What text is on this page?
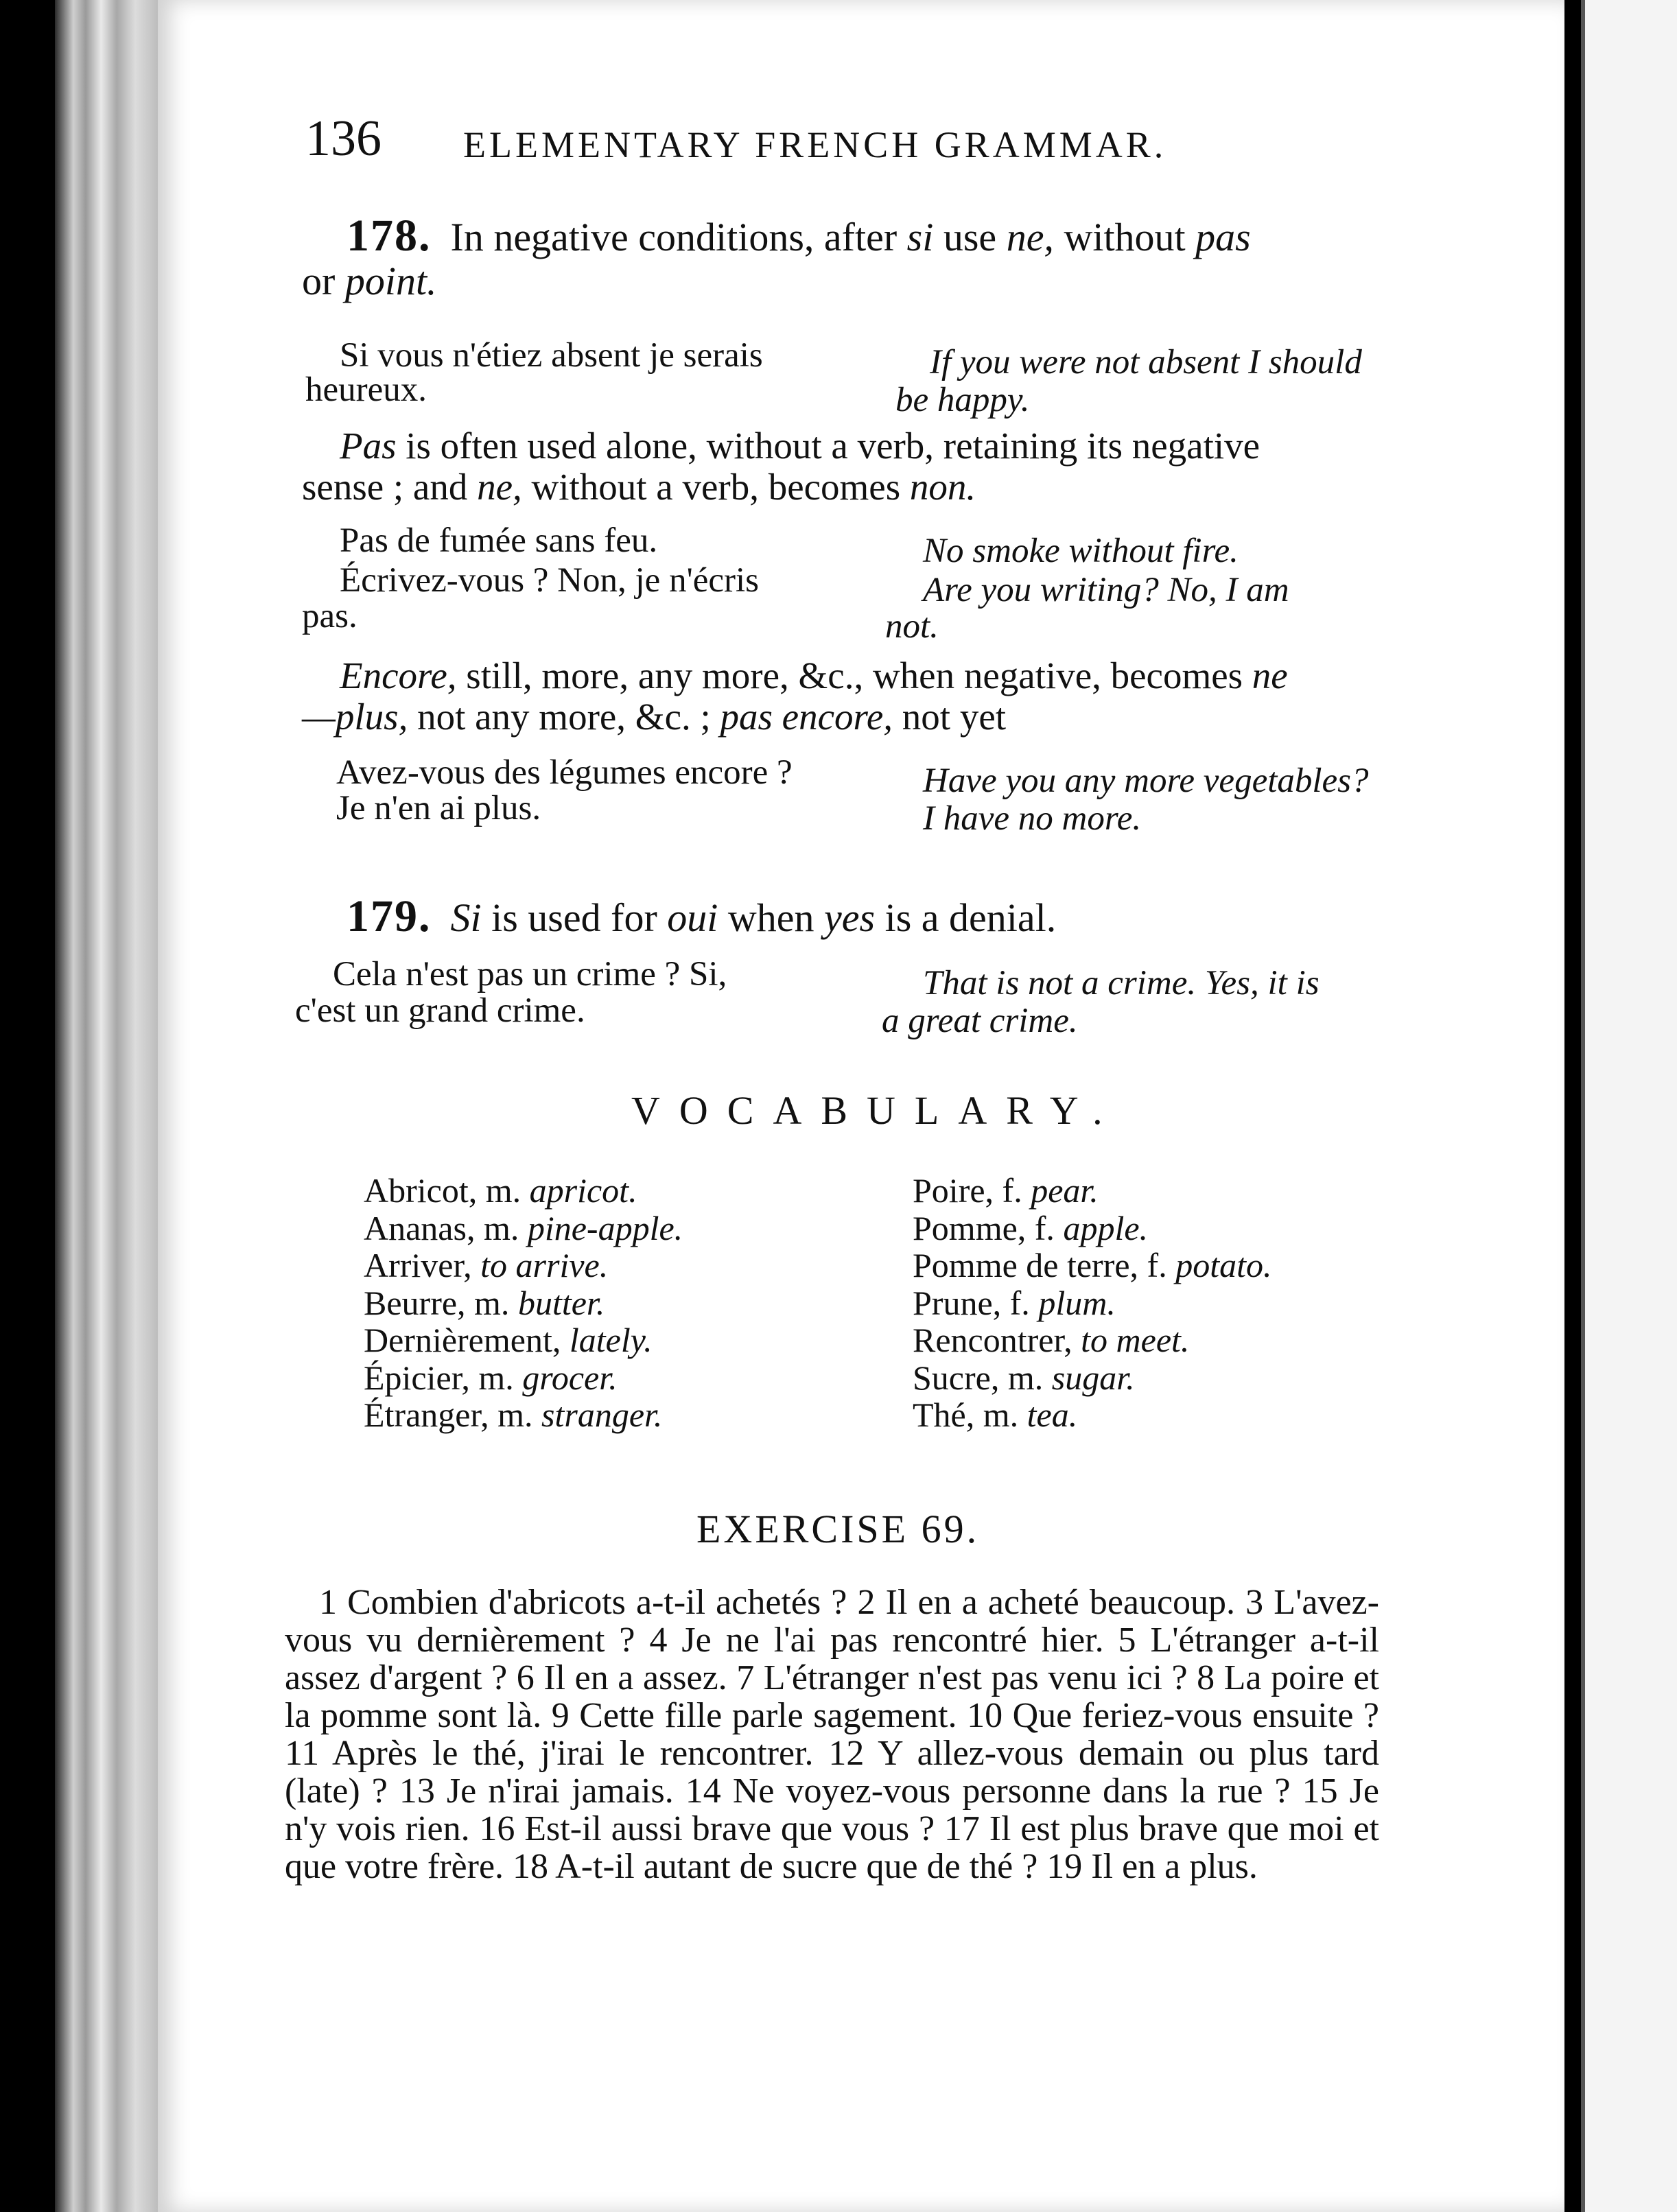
136 ELEMENTARY FRENCH GRAMMAR.
178. In negative conditions, after si use ne, without pas
or point.
Si vous n'étiez absent je serais
heureux.
If you were not absent I should
be happy.
Pas is often used alone, without a verb, retaining its negative
sense ; and ne, without a verb, becomes non.
Pas de fumée sans feu.	No smoke without fire.
Écrivez-vous ? Non, je n'écris
pas.
Are you writing? No, I am
not.
Encore, still, more, any more, &c., when negative, becomes ne
—plus, not any more, &c. ; pas encore, not yet
Avez-vous des légumes encore ?
Je n'en ai plus.
Have you any more vegetables?
I have no more.
179. Si is used for oui when yes is a denial.
Cela n'est pas un crime ? Si,
c'est un grand crime.
That is not a crime. Yes, it is
a great crime.
VOCABULARY.
Abricot, m. apricot.
Ananas, m. pine-apple.
Arriver, to arrive.
Beurre, m. butter.
Dernièrement, lately.
Épicier, m. grocer.
Étranger, m. stranger.
Poire, f. pear.
Pomme, f. apple.
Pomme de terre, f. potato.
Prune, f. plum.
Rencontrer, to meet.
Sucre, m. sugar.
Thé, m. tea.
EXERCISE 69.
1 Combien d'abricots a-t-il achetés ? 2 Il en a acheté beaucoup. 3 L'avez-vous vu dernièrement ? 4 Je ne l'ai pas rencontré hier. 5 L'étranger a-t-il assez d'argent ? 6 Il en a assez. 7 L'étranger n'est pas venu ici ? 8 La poire et la pomme sont là. 9 Cette fille parle sagement. 10 Que feriez-vous ensuite ? 11 Après le thé, j'irai le rencontrer. 12 Y allez-vous demain ou plus tard (late) ? 13 Je n'irai jamais. 14 Ne voyez-vous personne dans la rue ? 15 Je n'y vois rien. 16 Est-il aussi brave que vous ? 17 Il est plus brave que moi et que votre frère. 18 A-t-il autant de sucre que de thé ? 19 Il en a plus.
